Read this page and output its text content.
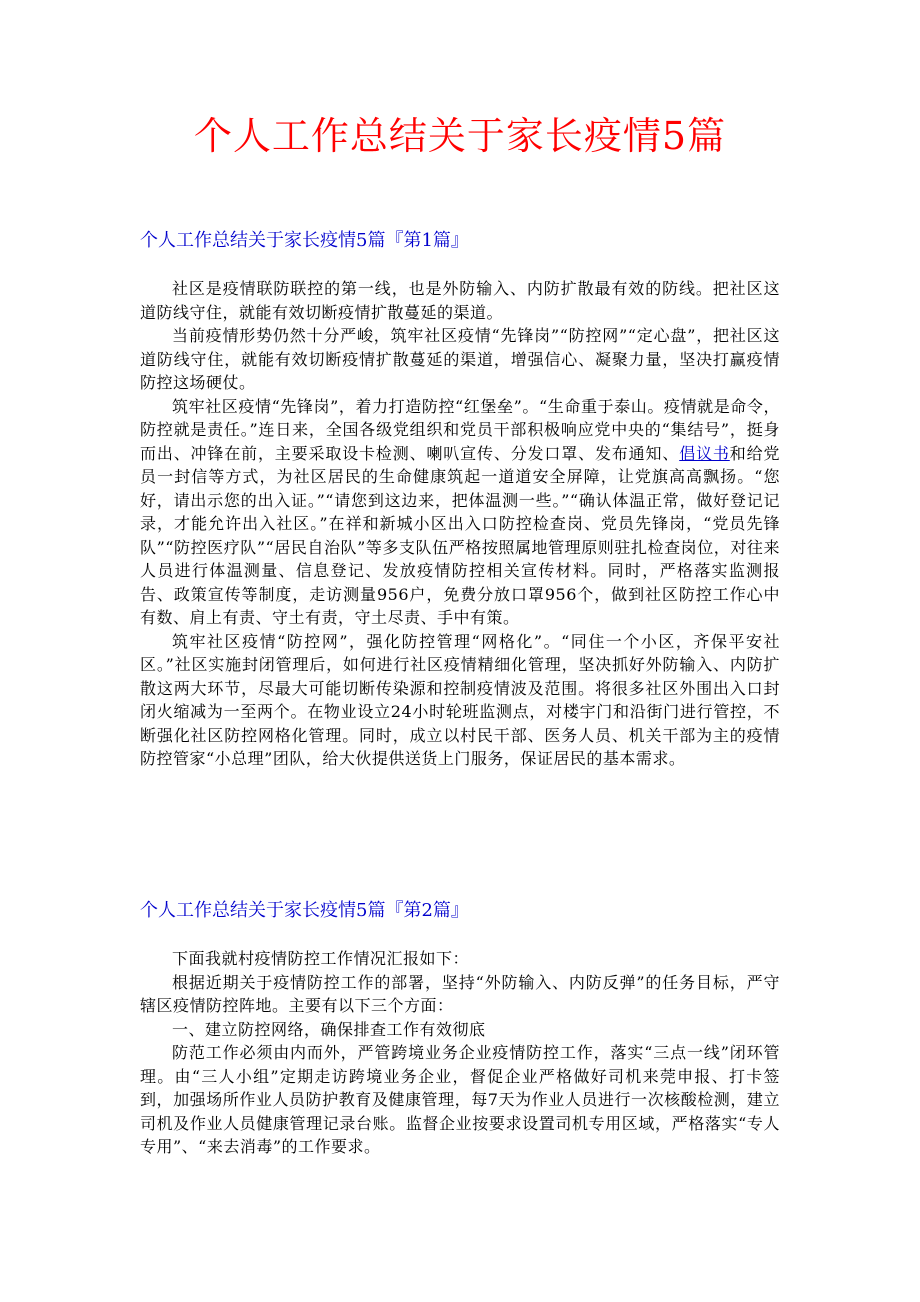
个人工作总结关于家长疫情5篇
个人工作总结关于家长疫情5篇『第1篇』

社区是疫情联防联控的第一线，也是外防输入、内防扩散最有效的防线。把社区这道防线守住，就能有效切断疫情扩散蔓延的渠道。

当前疫情形势仍然十分严峻，筑牢社区疫情“先锋岗”“防控网”“定心盘”，把社区这道防线守住，就能有效切断疫情扩散蔓延的渠道，增强信心、凝聚力量，坚决打赢疫情防控这场硬仗。

筑牢社区疫情“先锋岗”，着力打造防控“红堡垒”。“生命重于泰山。疫情就是命令，防控就是责任。”连日来，全国各级党组织和党员干部积极响应党中央的“集结号”，挺身而出、冲锋在前，主要采取设卡检测、喇叭宣传、分发口罩、发布通知、倡议书和给党员一封信等方式，为社区居民的生命健康筑起一道道安全屏障，让党旗高高飘扬。“您好，请出示您的出入证。”“请您到这边来，把体温测一些。”“确认体温正常，做好登记记录，才能允许出入社区。”在祥和新城小区出入口防控检查岗、党员先锋岗，“党员先锋队”“防控医疗队”“居民自治队”等多支队伍严格按照属地管理原则驻扎检查岗位，对往来人员进行体温测量、信息登记、发放疫情防控相关宣传材料。同时，严格落实监测报告、政策宣传等制度，走访测量956户，免费分放口罩956个，做到社区防控工作心中有数、肩上有责、守土有责，守土尽责、手中有策。

筑牢社区疫情“防控网”，强化防控管理“网格化”。“同住一个小区，齐保平安社区。”社区实施封闭管理后，如何进行社区疫情精细化管理，坚决抓好外防输入、内防扩散这两大环节，尽最大可能切断传染源和控制疫情波及范围。将很多社区外围出入口封闭火缩减为一至两个。在物业设立24小时轮班监测点，对楼宇门和沿街门进行管控，不断强化社区防控网格化管理。同时，成立以村民干部、医务人员、机关干部为主的疫情防控管家“小总理”团队，给大伙提供送货上门服务，保证居民的基本需求。

个人工作总结关于家长疫情5篇『第2篇』

下面我就村疫情防控工作情况汇报如下：

根据近期关于疫情防控工作的部署，坚持“外防输入、内防反弹”的任务目标，严守辖区疫情防控阵地。主要有以下三个方面：

一、建立防控网络，确保排查工作有效彻底

防范工作必须由内而外，严管跨境业务企业疫情防控工作，落实“三点一线”闭环管理。由“三人小组”定期走访跨境业务企业，督促企业严格做好司机来莞申报、打卡签到，加强场所作业人员防护教育及健康管理，每7天为作业人员进行一次核酸检测，建立司机及作业人员健康管理记录台账。监督企业按要求设置司机专用区域，严格落实“专人专用”、“来去消毒”的工作要求。
